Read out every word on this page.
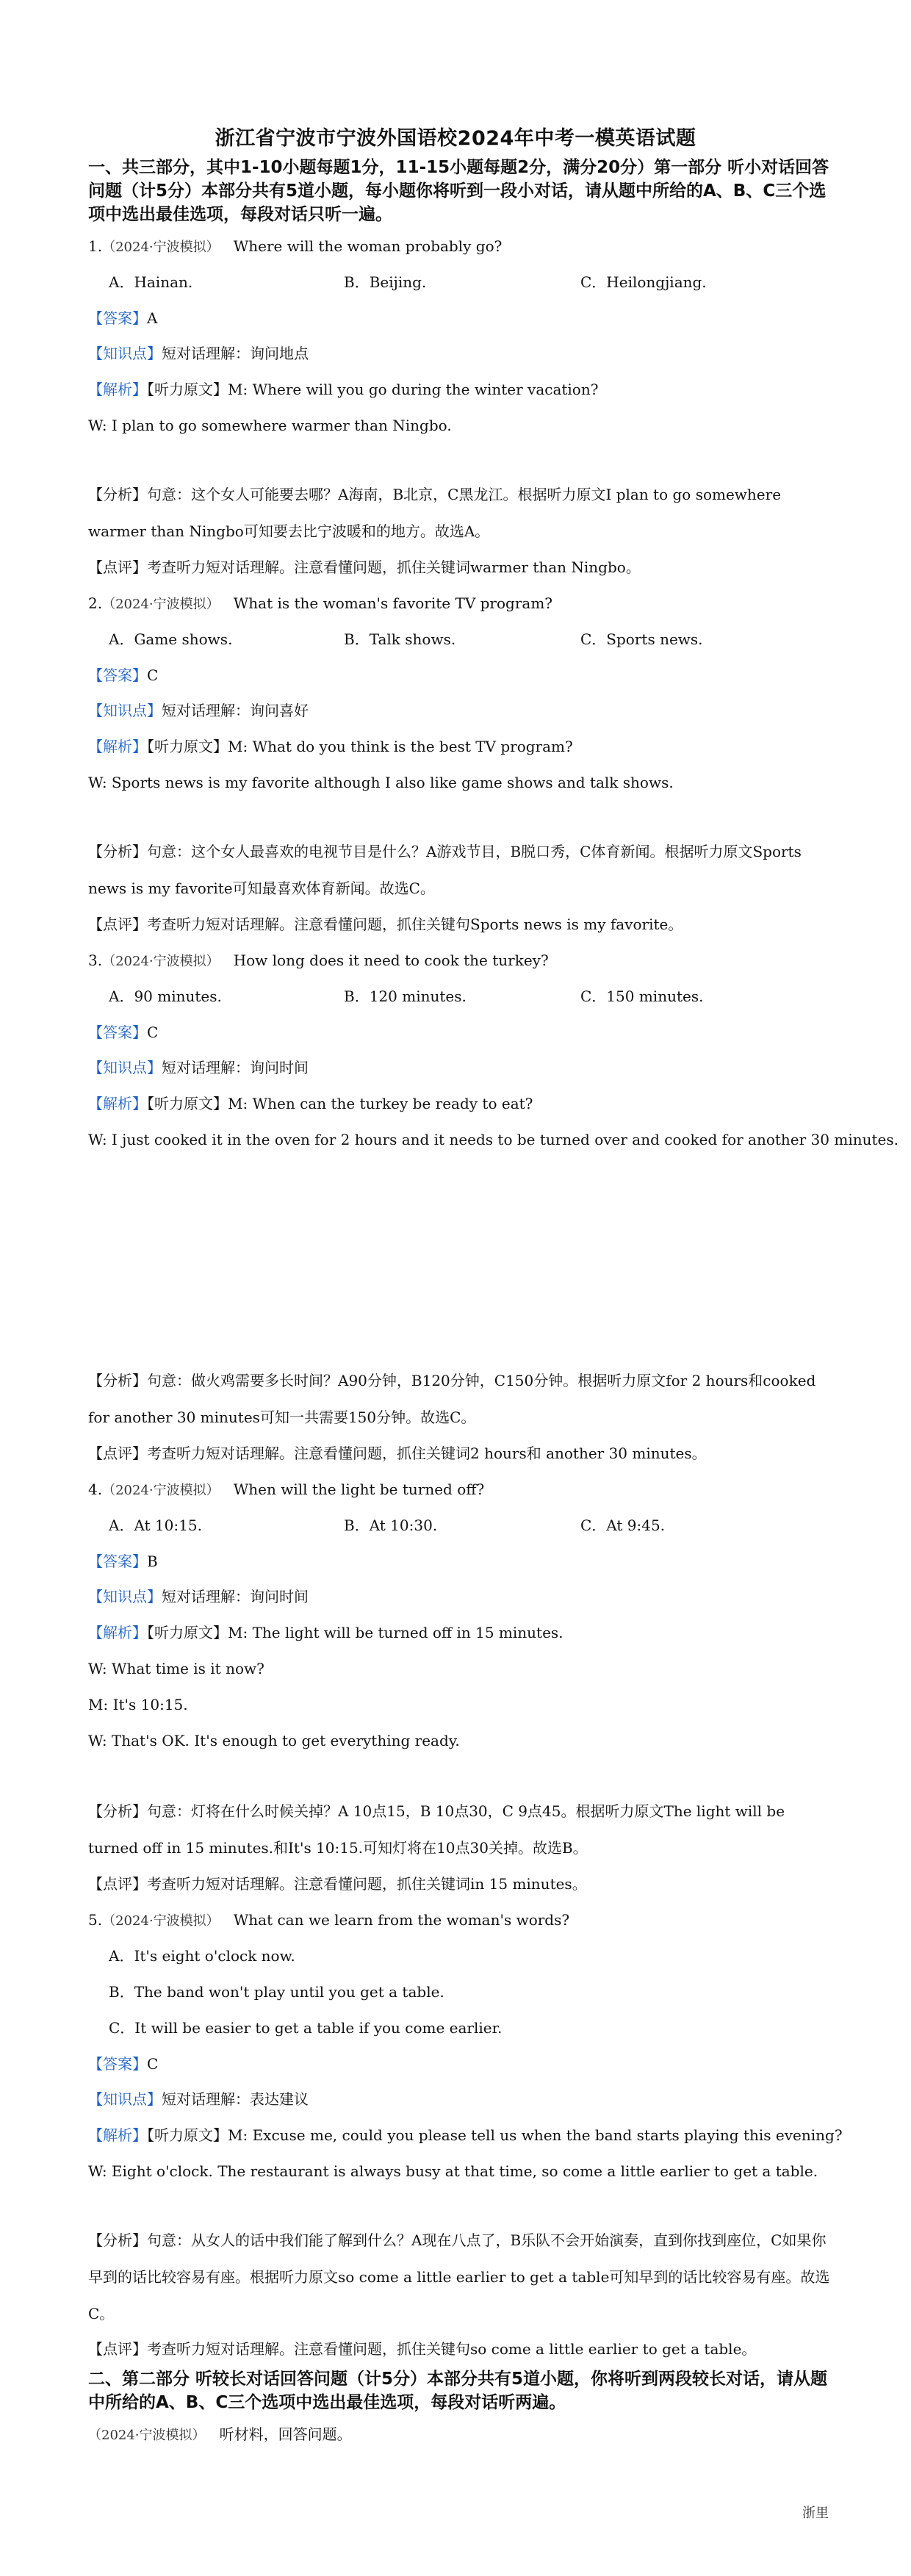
浙江省宁波市宁波外国语校2024年中考一模英语试题
一、共三部分，其中1-10小题每题1分，11-15小题每题2分，满分20分）第一部分 听小对话回答问题（计5分）本部分共有5道小题，每小题你将听到一段小对话，请从题中所给的A、B、C三个选项中选出最佳选项，每段对话只听一遍。
1.（2024·宁波模拟） Where will the woman probably go?
A．Hainan.	B．Beijing.	C．Heilongjiang.
【答案】A
【知识点】短对话理解：询问地点
【解析】【听力原文】M: Where will you go during the winter vacation?
W: I plan to go somewhere warmer than Ningbo.
【分析】句意：这个女人可能要去哪？A海南，B北京，C黑龙江。根据听力原文I plan to go somewhere warmer than Ningbo可知要去比宁波暖和的地方。故选A。
【点评】考查听力短对话理解。注意看懂问题，抓住关键词warmer than Ningbo。
2.（2024·宁波模拟） What is the woman's favorite TV program?
A．Game shows.	B．Talk shows.	C．Sports news.
【答案】C
【知识点】短对话理解：询问喜好
【解析】【听力原文】M: What do you think is the best TV program?
W: Sports news is my favorite although I also like game shows and talk shows.
【分析】句意：这个女人最喜欢的电视节目是什么？A游戏节目，B脱口秀，C体育新闻。根据听力原文Sports news is my favorite可知最喜欢体育新闻。故选C。
【点评】考查听力短对话理解。注意看懂问题，抓住关键句Sports news is my favorite。
3.（2024·宁波模拟） How long does it need to cook the turkey?
A．90 minutes.	B．120 minutes.	C．150 minutes.
【答案】C
【知识点】短对话理解：询问时间
【解析】【听力原文】M: When can the turkey be ready to eat?
W: I just cooked it in the oven for 2 hours and it needs to be turned over and cooked for another 30 minutes.
【分析】句意：做火鸡需要多长时间？A90分钟，B120分钟，C150分钟。根据听力原文for 2 hours和cooked for another 30 minutes可知一共需要150分钟。故选C。
【点评】考查听力短对话理解。注意看懂问题，抓住关键词2 hours和 another 30 minutes。
4.（2024·宁波模拟） When will the light be turned off?
A．At 10:15.	B．At 10:30.	C．At 9:45.
【答案】B
【知识点】短对话理解：询问时间
【解析】【听力原文】M: The light will be turned off in 15 minutes.
W: What time is it now?
M: It's 10:15.
W: That's OK. It's enough to get everything ready.
【分析】句意：灯将在什么时候关掉？A 10点15，B 10点30，C 9点45。根据听力原文The light will be turned off in 15 minutes.和It's 10:15.可知灯将在10点30关掉。故选B。
【点评】考查听力短对话理解。注意看懂问题，抓住关键词in 15 minutes。
5.（2024·宁波模拟） What can we learn from the woman's words?
A．It's eight o'clock now.
B．The band won't play until you get a table.
C．It will be easier to get a table if you come earlier.
【答案】C
【知识点】短对话理解：表达建议
【解析】【听力原文】M: Excuse me, could you please tell us when the band starts playing this evening?
W: Eight o'clock. The restaurant is always busy at that time, so come a little earlier to get a table.
【分析】句意：从女人的话中我们能了解到什么？A现在八点了，B乐队不会开始演奏，直到你找到座位，C如果你早到的话比较容易有座。根据听力原文so come a little earlier to get a table可知早到的话比较容易有座。故选C。
【点评】考查听力短对话理解。注意看懂问题，抓住关键句so come a little earlier to get a table。
二、第二部分 听较长对话回答问题（计5分）本部分共有5道小题，你将听到两段较长对话，请从题中所给的A、B、C三个选项中选出最佳选项，每段对话听两遍。
（2024·宁波模拟） 听材料，回答问题。
浙里
